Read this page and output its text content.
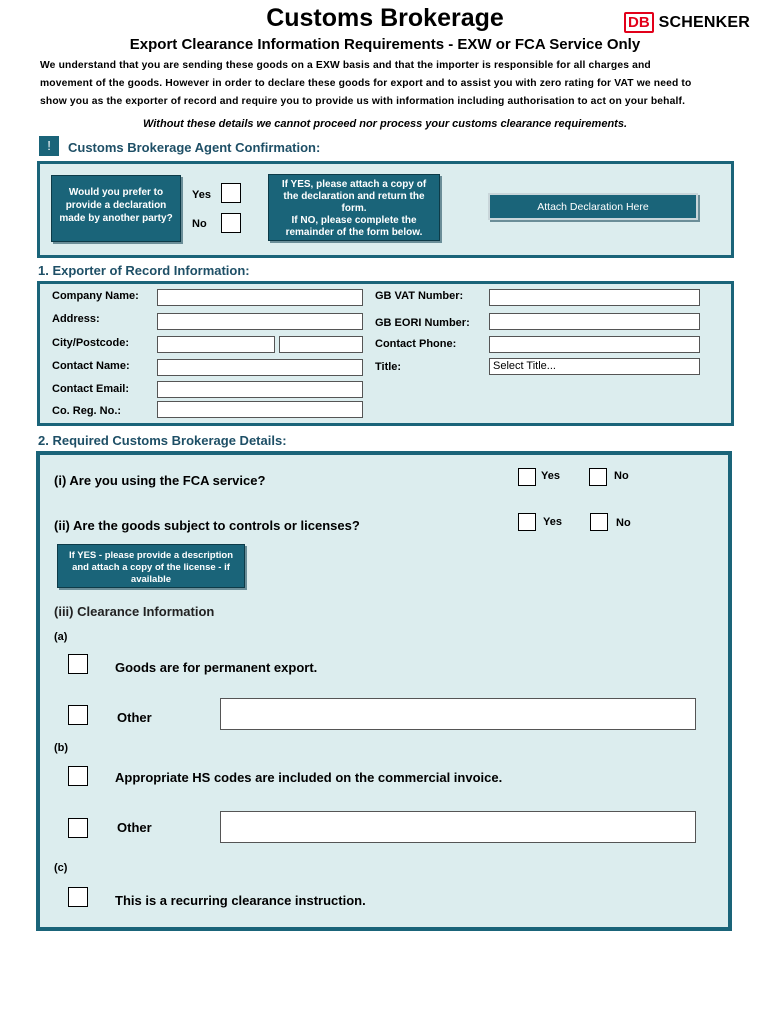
Customs Brokerage	DB SCHENKER
Export Clearance Information Requirements - EXW or FCA Service Only
We understand that you are sending these goods on a EXW basis and that the importer is responsible for all charges and
movement of the goods. However in order to declare these goods for export and to assist you with zero rating for VAT we need to
show you as the exporter of record and require you to provide us with information including authorisation to act on your behalf.
Without these details we cannot proceed nor process your customs clearance requirements.
!	Customs Brokerage Agent Confirmation:
Would you prefer to provide a declaration made by another party?
Yes
No
If YES, please attach a copy of the declaration and return the form.
If NO, please complete the remainder of the form below.
Attach Declaration Here
1. Exporter of Record Information:
Company Name:	GB VAT Number:
Address:	GB EORI Number:
City/Postcode:	Contact Phone:
Contact Name:	Title:	Select Title...
Contact Email:
Co. Reg. No.:
2. Required Customs Brokerage Details:
(i) Are you using the FCA service?	Yes	No
(ii) Are the goods subject to controls or licenses?	Yes	No
If YES - please provide a description and attach a copy of the license - if available
(iii) Clearance Information
(a)
Goods are for permanent export.
Other
(b)
Appropriate HS codes are included on the commercial invoice.
Other
(c)
This is a recurring clearance instruction.
